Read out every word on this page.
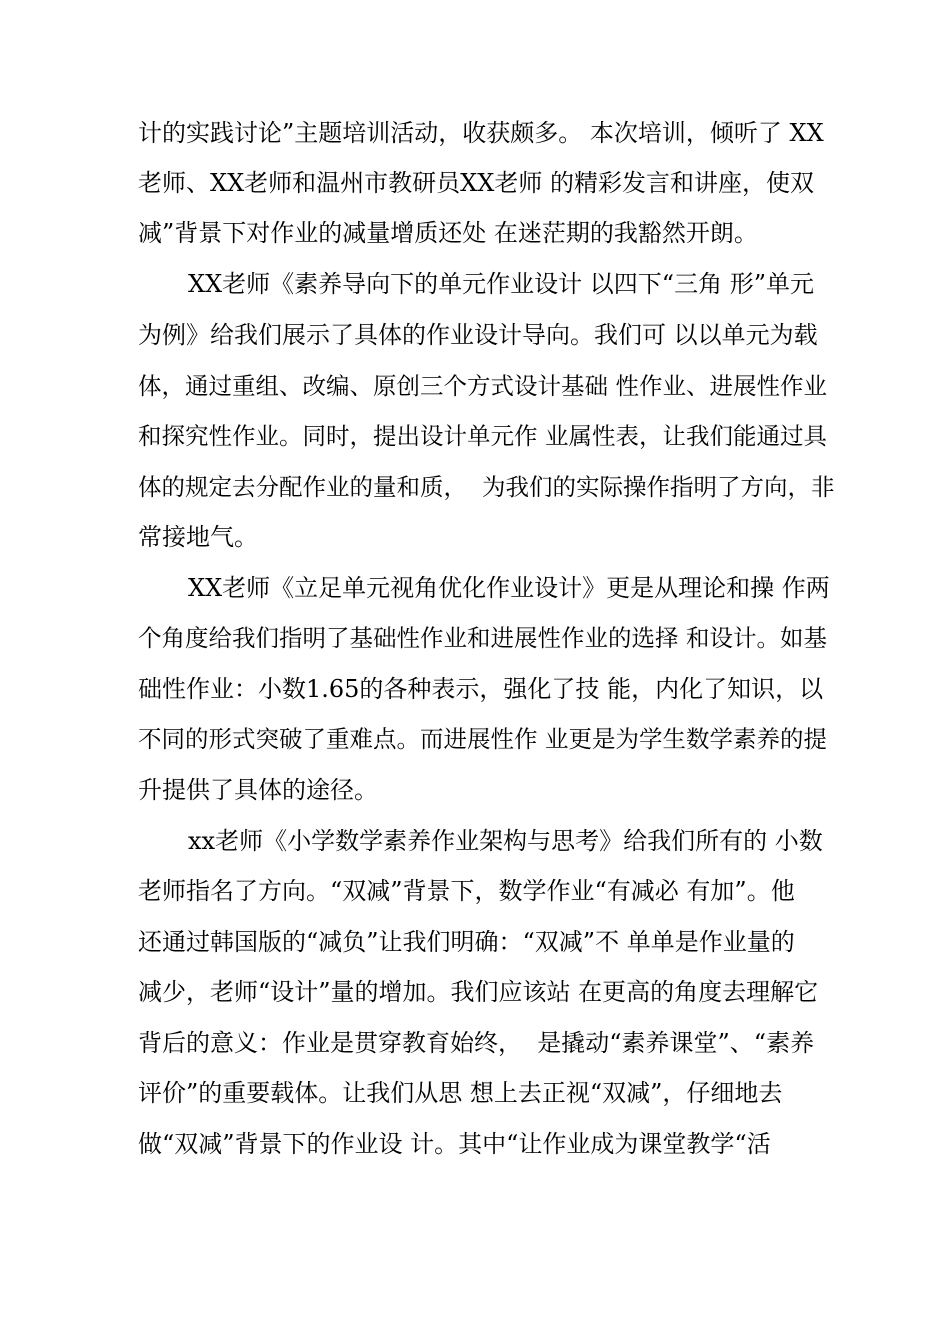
计的实践讨论”主题培训活动，收获颇多。 本次培训，倾听了 XX
老师、XX老师和温州市教研员XX老师 的精彩发言和讲座，使双
减”背景下对作业的减量增质还处 在迷茫期的我豁然开朗。
XX老师《素养导向下的单元作业设计 以四下“三角 形”单元
为例》给我们展示了具体的作业设计导向。我们可 以以单元为载
体，通过重组、改编、原创三个方式设计基础 性作业、进展性作业
和探究性作业。同时，提出设计单元作 业属性表，让我们能通过具
体的规定去分配作业的量和质，  为我们的实际操作指明了方向，非
常接地气。
XX老师《立足单元视角优化作业设计》更是从理论和操 作两
个角度给我们指明了基础性作业和进展性作业的选择 和设计。如基
础性作业：小数1.65的各种表示，强化了技 能，内化了知识，以
不同的形式突破了重难点。而进展性作 业更是为学生数学素养的提
升提供了具体的途径。
xx老师《小学数学素养作业架构与思考》给我们所有的 小数
老师指名了方向。“双减”背景下，数学作业“有减必 有加”。他
还通过韩国版的“减负”让我们明确：“双减”不 单单是作业量的
减少，老师“设计”量的增加。我们应该站 在更高的角度去理解它
背后的意义：作业是贯穿教育始终，  是撬动“素养课堂”、“素养
评价”的重要载体。让我们从思 想上去正视“双减”，仔细地去
做“双减”背景下的作业设 计。其中“让作业成为课堂教学“活
